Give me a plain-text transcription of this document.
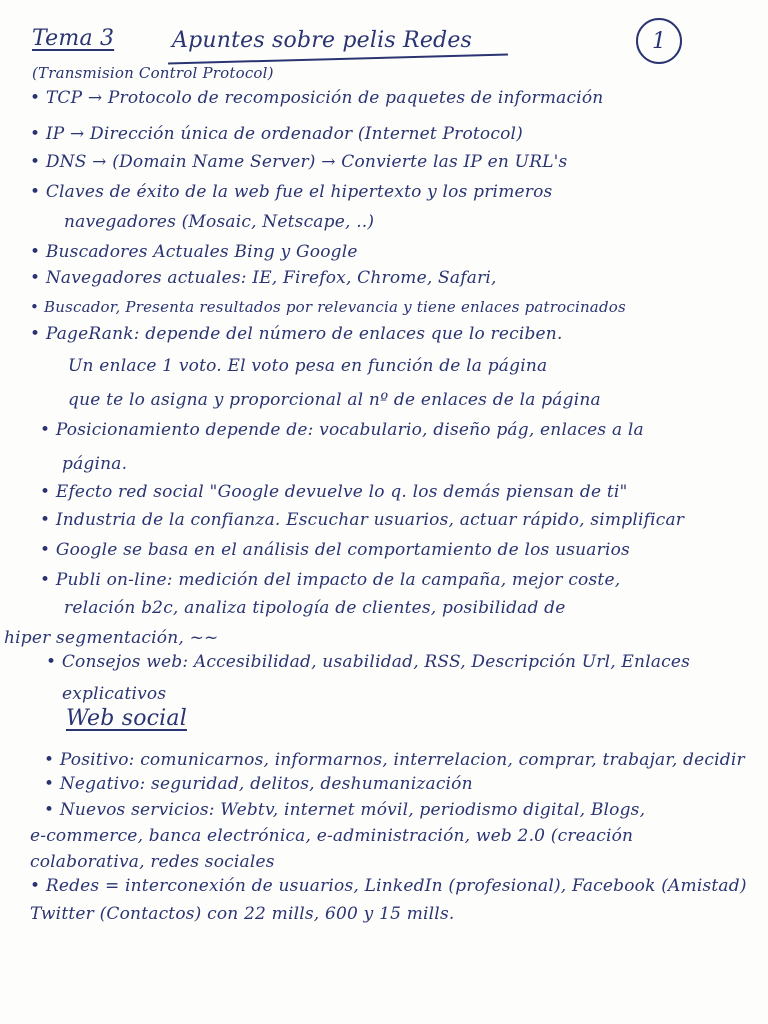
Tema 3	Apuntes sobre pelis Redes	1
(Transmision Control Protocol)
• TCP → Protocolo de recomposición de paquetes de información
• IP → Dirección única de ordenador (Internet Protocol)
• DNS → (Domain Name Server) → Convierte las IP en URL's
• Claves de éxito de la web fue el hipertexto y los primeros
navegadores (Mosaic, Netscape, ..)
• Buscadores Actuales Bing y Google
• Navegadores actuales: IE, Firefox, Chrome, Safari,
• Buscador, Presenta resultados por relevancia y tiene enlaces patrocinados
• PageRank: depende del número de enlaces que lo reciben.
Un enlace 1 voto. El voto pesa en función de la página
que te lo asigna y proporcional al nº de enlaces de la página
• Posicionamiento depende de: vocabulario, diseño pág, enlaces a la
página.
• Efecto red social "Google devuelve lo q. los demás piensan de ti"
• Industria de la confianza. Escuchar usuarios, actuar rápido, simplificar
• Google se basa en el análisis del comportamiento de los usuarios
• Publi on-line: medición del impacto de la campaña, mejor coste,
relación b2c, analiza tipología de clientes, posibilidad de
hiper segmentación, ~~
• Consejos web: Accesibilidad, usabilidad, RSS, Descripción Url, Enlaces
explicativos
Web social
• Positivo: comunicarnos, informarnos, interrelacion, comprar, trabajar, decidir
• Negativo: seguridad, delitos, deshumanización
• Nuevos servicios: Webtv, internet móvil, periodismo digital, Blogs,
e-commerce, banca electrónica, e-administración, web 2.0 (creación
colaborativa, redes sociales
• Redes = interconexión de usuarios, LinkedIn (profesional), Facebook (Amistad)
Twitter (Contactos) con 22 mills, 600 y 15 mills.
